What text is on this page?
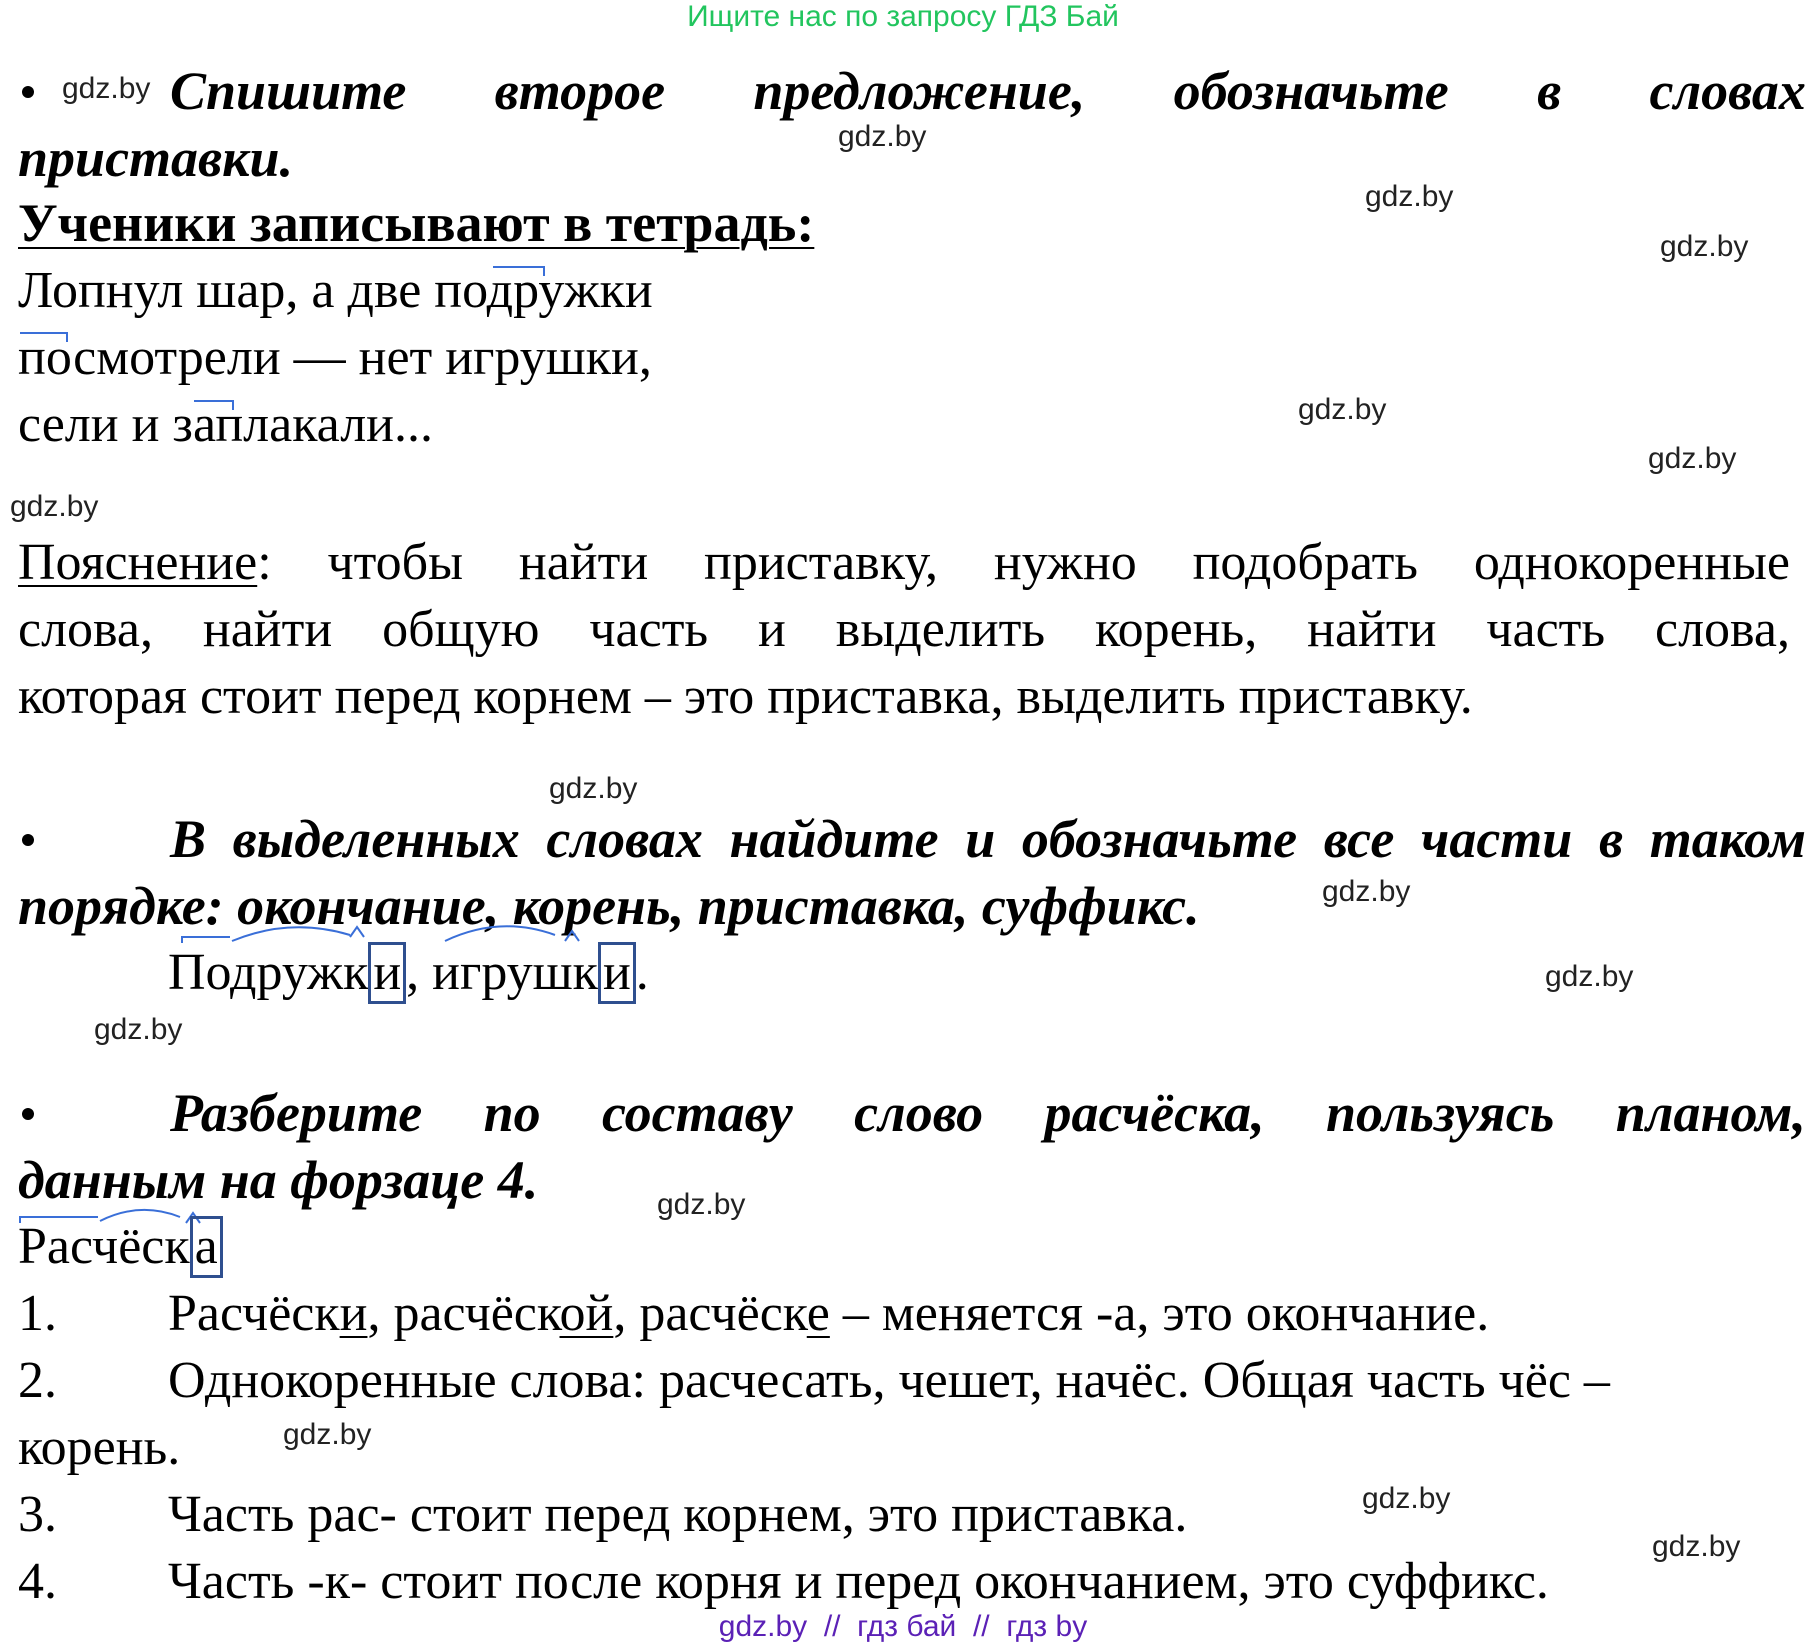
Ищите нас по запросу ГДЗ Бай
gdz.by
gdz.by
gdz.by
gdz.by
gdz.by
gdz.by
gdz.by
gdz.by
gdz.by
gdz.by
gdz.by
gdz.by
gdz.by
gdz.by
gdz.by
Спишите второе предложение, обозначьте в словах
приставки.
Ученики записывают в тетрадь:
Лопнул шар, а две подружки
посмотрели — нет игрушки,
сели и заплакали...
Пояснение: чтобы найти приставку, нужно подобрать однокоренные
слова, найти общую часть и выделить корень, найти часть слова,
которая стоит перед корнем – это приставка, выделить приставку.
В выделенных словах найдите и обозначьте все части в таком
порядке: окончание, корень, приставка, суффикс.
Подружки, игрушки.
Разберите по составу слово расчёска, пользуясь планом,
данным на форзаце 4.
Расчёска
1. Расчёски, расчёской, расчёске – меняется -а, это окончание.
2. Однокоренные слова: расчесать, чешет, начёс. Общая часть чёс –
корень.
3. Часть рас- стоит перед корнем, это приставка.
4. Часть -к- стоит после корня и перед окончанием, это суффикс.
gdz.by  //  гдз бай  //  гдз by
